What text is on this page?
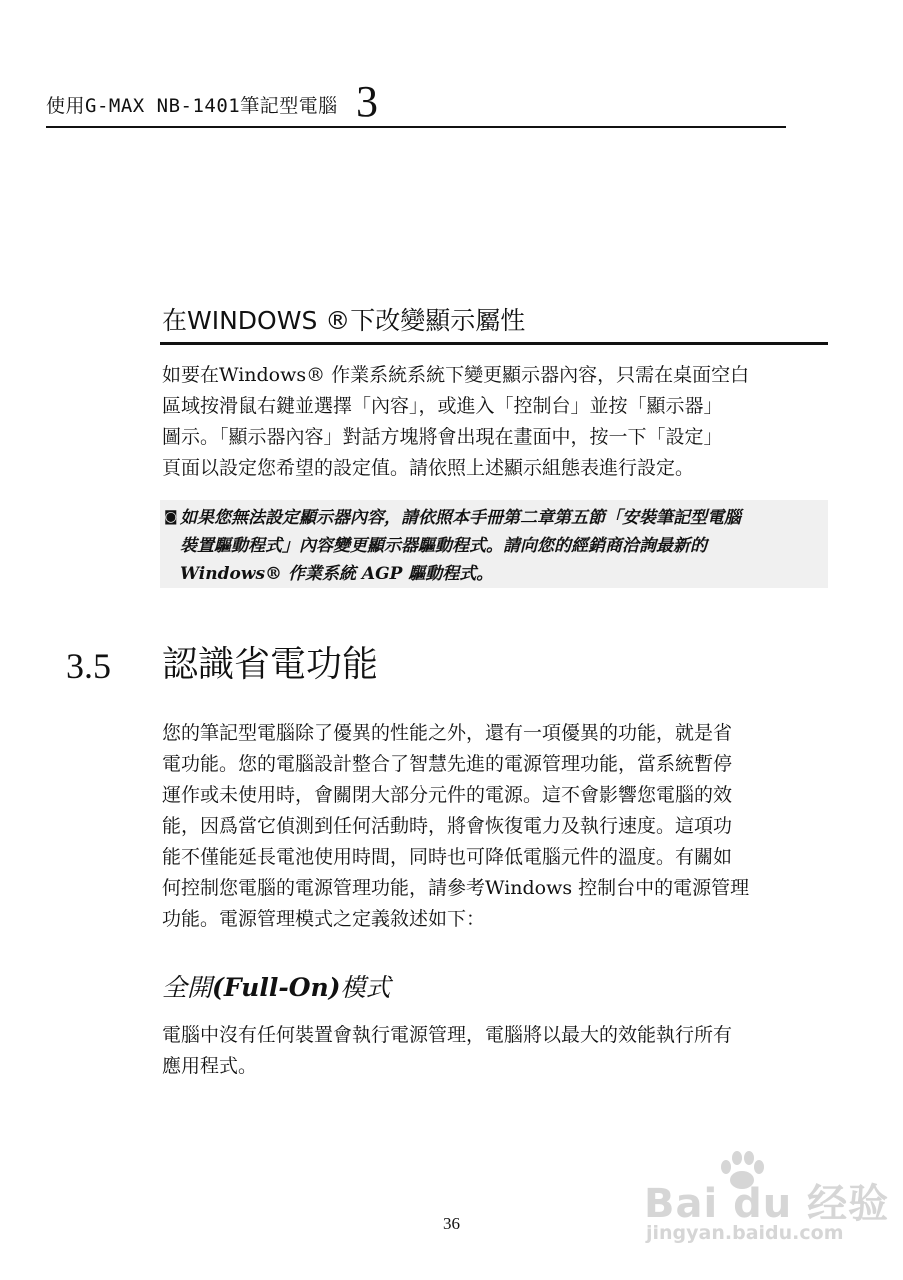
使用G-MAX NB-1401筆記型電腦 3
在WINDOWS ®下改變顯示屬性
如要在Windows® 作業系統系統下變更顯示器內容，只需在桌面空白
區域按滑鼠右鍵並選擇「內容」，或進入「控制台」並按「顯示器」
圖示。「顯示器內容」對話方塊將會出現在畫面中，按一下「設定」
頁面以設定您希望的設定值。請依照上述顯示組態表進行設定。
◙ 如果您無法設定顯示器內容，請依照本手冊第二章第五節「安裝筆記型電腦
裝置驅動程式」內容變更顯示器驅動程式。請向您的經銷商洽詢最新的
Windows® 作業系統 AGP 驅動程式。
3.5 認識省電功能
您的筆記型電腦除了優異的性能之外，還有一項優異的功能，就是省
電功能。您的電腦設計整合了智慧先進的電源管理功能，當系統暫停
運作或未使用時，會關閉大部分元件的電源。這不會影響您電腦的效
能，因爲當它偵測到任何活動時，將會恢復電力及執行速度。這項功
能不僅能延長電池使用時間，同時也可降低電腦元件的溫度。有關如
何控制您電腦的電源管理功能，請參考Windows 控制台中的電源管理
功能。電源管理模式之定義敘述如下：
全開(Full-On)模式
電腦中沒有任何裝置會執行電源管理，電腦將以最大的效能執行所有
應用程式。
36	Bai du 经验
jingyan.baidu.com
